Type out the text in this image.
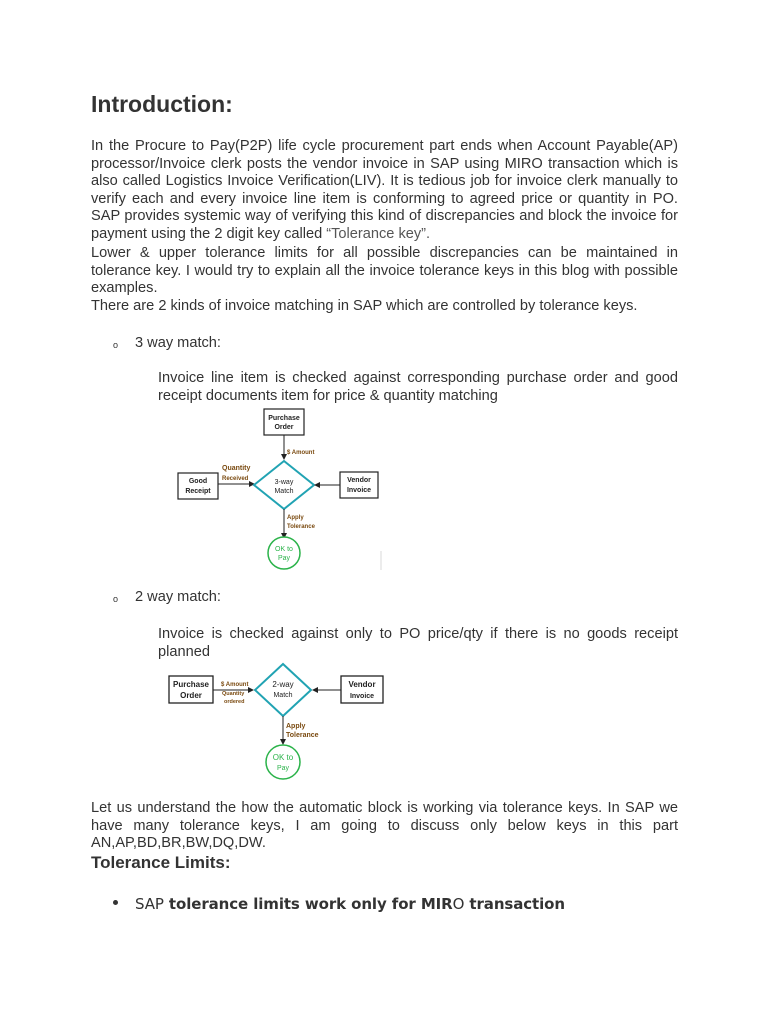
Introduction:

In the Procure to Pay(P2P) life cycle procurement part ends when Account Payable(AP) processor/Invoice clerk posts the vendor invoice in SAP using MIRO transaction which is also called Logistics Invoice Verification(LIV). It is tedious job for invoice clerk manually to verify each and every invoice line item is conforming to agreed price or quantity in PO. SAP provides systemic way of verifying this kind of discrepancies and block the invoice for payment using the 2 digit key called “Tolerance key”.

Lower & upper tolerance limits for all possible discrepancies can be maintained in tolerance key. I would try to explain all the invoice tolerance keys in this blog with possible examples.

There are 2 kinds of invoice matching in SAP which are controlled by tolerance keys.

o 3 way match:
Invoice line item is checked against corresponding purchase order and good receipt documents item for price & quantity matching
Purchase
Order
$ Amount
Good
Receipt
Quantity
Received	3-way
Match
Vendor
Invoice
Apply
Tolerance
OK to
Pay
o 2 way match:
Invoice is checked against only to PO price/qty if there is no goods receipt planned
Purchase
Order
$ Amount
Quantity
ordered
2-way
Match
Vendor
Invoice
Apply
Tolerance
OK to
Pay

Let us understand the how the automatic block is working via tolerance keys. In SAP we have many tolerance keys, I am going to discuss only below keys in this part AN,AP,BD,BR,BW,DQ,DW.

Tolerance Limits:
SAP tolerance limits work only for MIRO transaction
